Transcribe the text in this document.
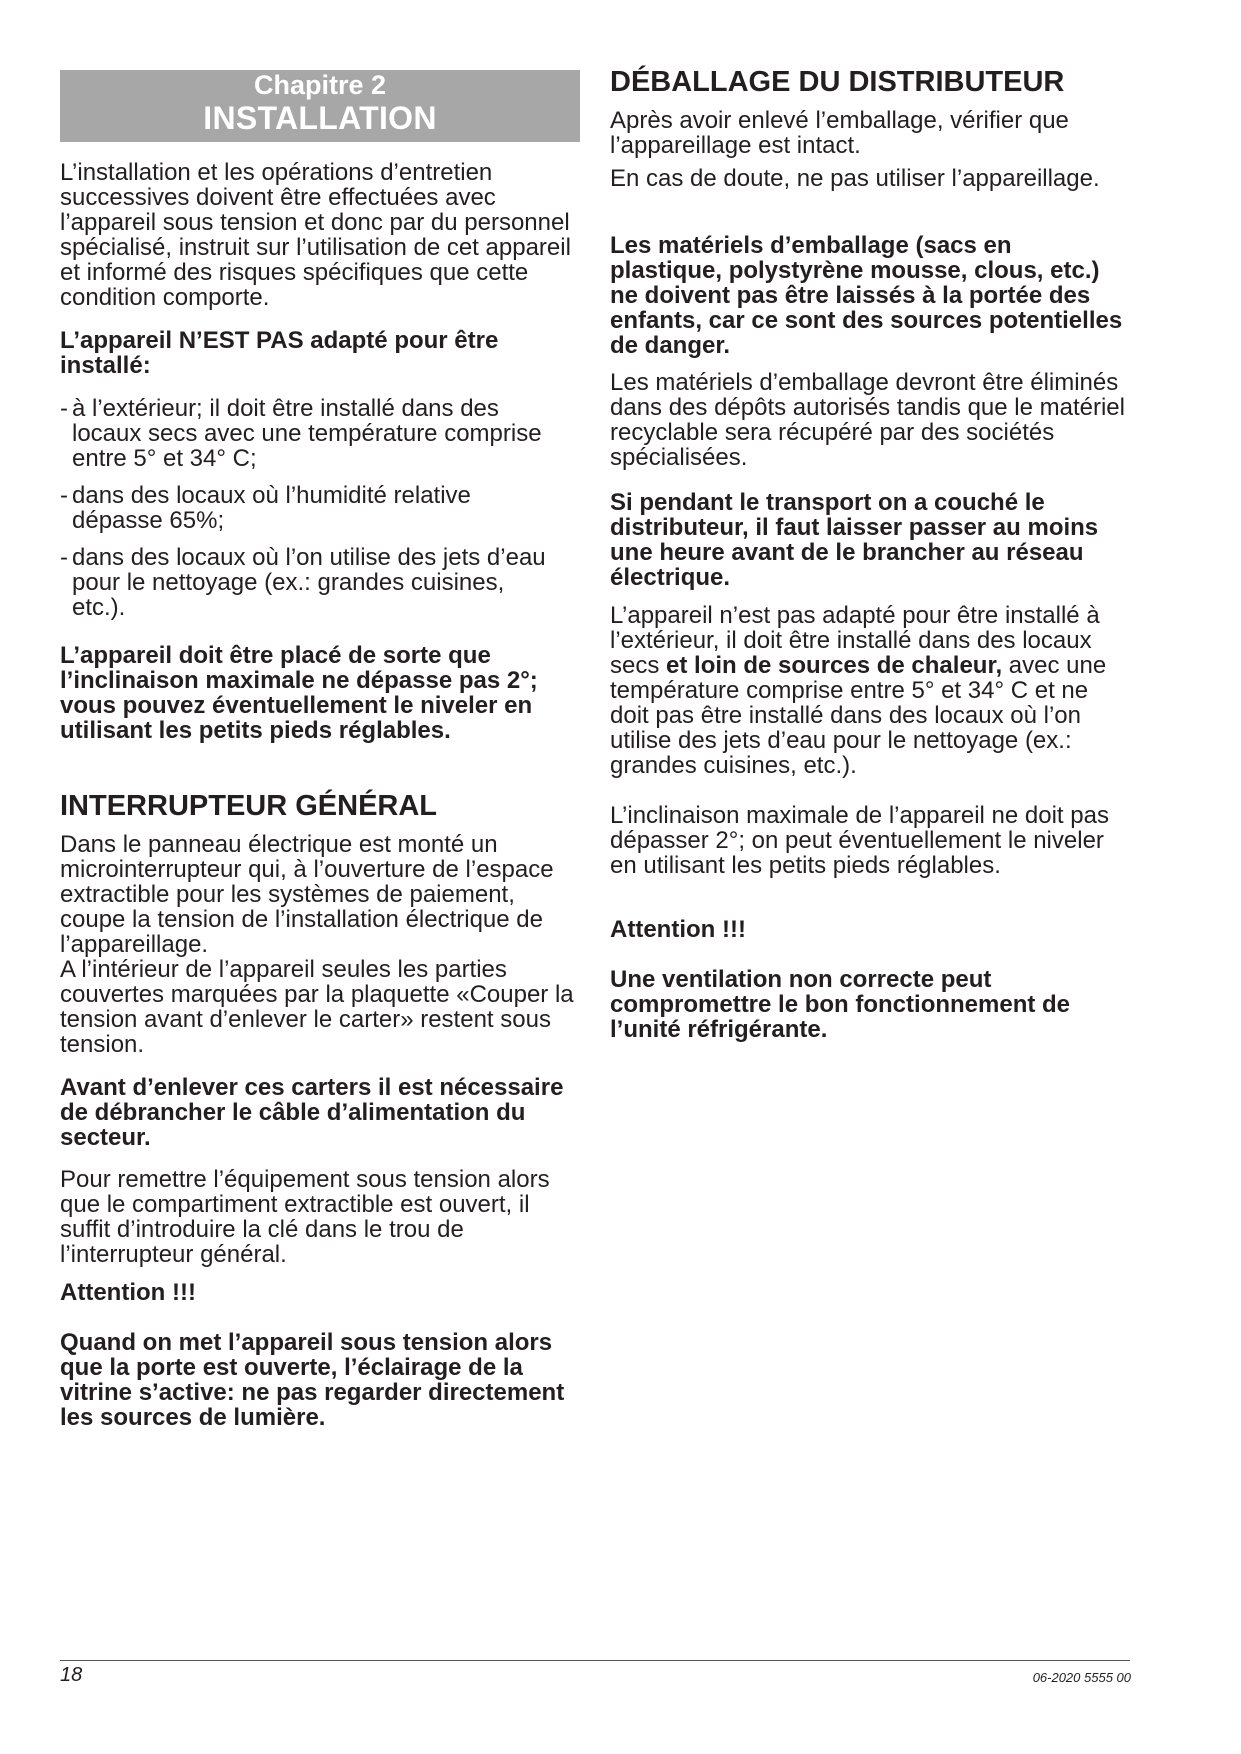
Chapitre 2
INSTALLATION

L’installation et les opérations d’entretien successives doivent être effectuées avec l’appareil sous tension et donc par du personnel spécialisé, instruit sur l’utilisation de cet appareil et informé des risques spécifiques que cette condition comporte.

L’appareil N’EST PAS adapté pour être installé:

- à l’extérieur; il doit être installé dans des locaux secs avec une température comprise entre 5° et 34° C;
- dans des locaux où l’humidité relative dépasse 65%;
- dans des locaux où l’on utilise des jets d’eau pour le nettoyage (ex.: grandes cuisines, etc.).

L’appareil doit être placé de sorte que l’inclinaison maximale ne dépasse pas 2°; vous pouvez éventuellement le niveler en utilisant les petits pieds réglables.

INTERRUPTEUR GÉNÉRAL

Dans le panneau électrique est monté un microinterrupteur qui, à l’ouverture de l’espace extractible pour les systèmes de paiement, coupe la tension de l’installation électrique de l’appareillage.

A l’intérieur de l’appareil seules les parties couvertes marquées par la plaquette «Couper la tension avant d’enlever le carter» restent sous tension.

Avant d’enlever ces carters il est nécessaire de débrancher le câble d’alimentation du secteur.

Pour remettre l’équipement sous tension alors que le compartiment extractible est ouvert, il suffit d’introduire la clé dans le trou de l’interrupteur général.

Attention !!!

Quand on met l’appareil sous tension alors que la porte est ouverte, l’éclairage de la vitrine s’active: ne pas regarder directement les sources de lumière.

DÉBALLAGE DU DISTRIBUTEUR

Après avoir enlevé l’emballage, vérifier que l’appareillage est intact.

En cas de doute, ne pas utiliser l’appareillage.

Les matériels d’emballage (sacs en plastique, polystyrène mousse, clous, etc.) ne doivent pas être laissés à la portée des enfants, car ce sont des sources potentielles de danger.

Les matériels d’emballage devront être éliminés dans des dépôts autorisés tandis que le matériel recyclable sera récupéré par des sociétés spécialisées.

Si pendant le transport on a couché le distributeur, il faut laisser passer au moins une heure avant de le brancher au réseau électrique.

L’appareil n’est pas adapté pour être installé à l’extérieur, il doit être installé dans des locaux secs et loin de sources de chaleur, avec une température comprise entre 5° et 34° C et ne doit pas être installé dans des locaux où l’on utilise des jets d’eau pour le nettoyage (ex.: grandes cuisines, etc.).

L’inclinaison maximale de l’appareil ne doit pas dépasser 2°; on peut éventuellement le niveler en utilisant les petits pieds réglables.

Attention !!!

Une ventilation non correcte peut compromettre le bon fonctionnement de l’unité réfrigérante.

18	06-2020 5555 00
